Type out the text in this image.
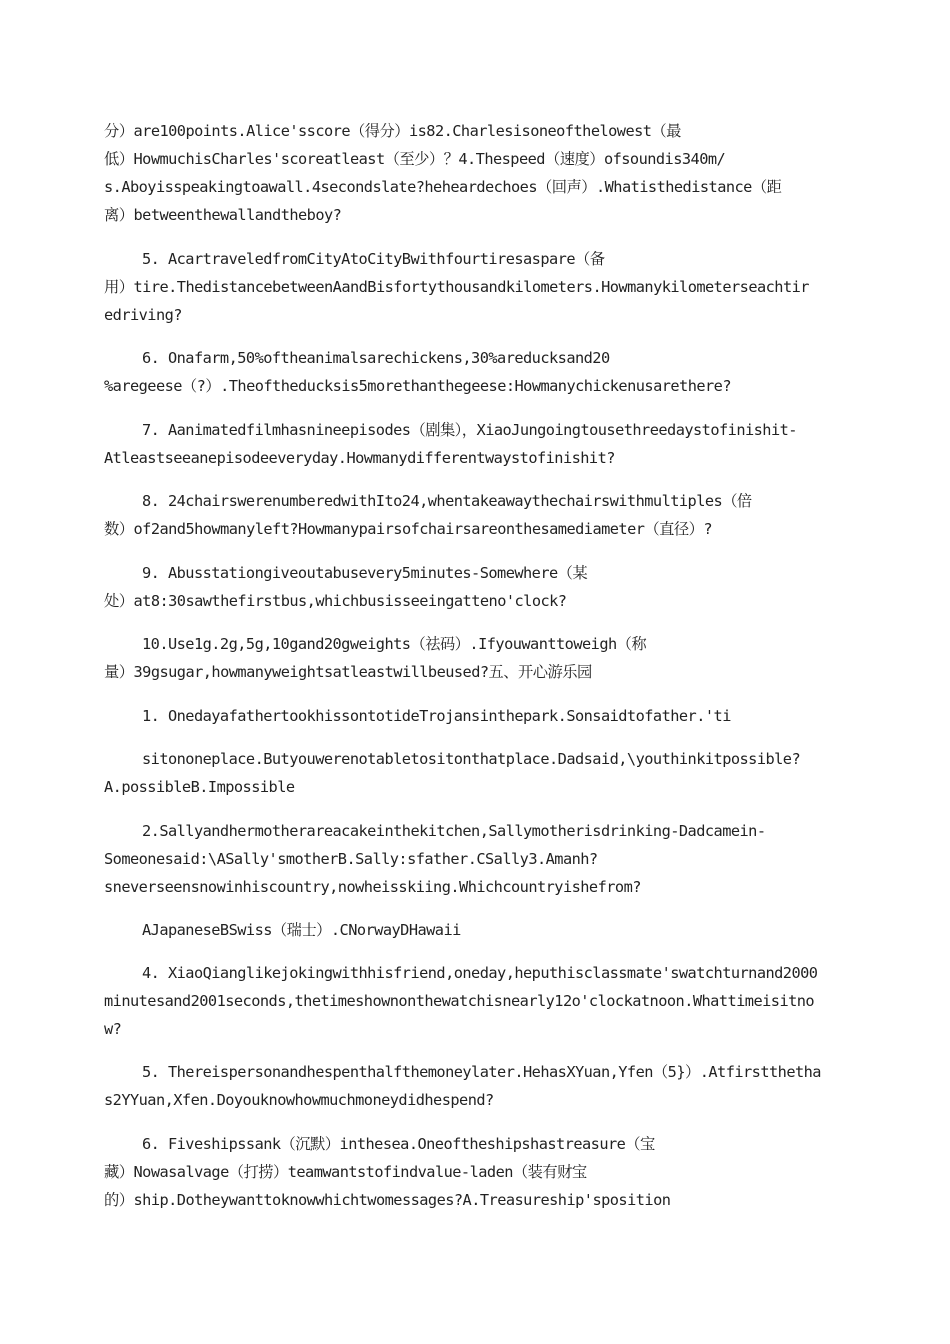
分）are100points.Alice'sscore（得分）is82.Charlesisoneofthelowest（最
低）HowmuchisCharles'scoreatleast（至少）？4.Thespeed（速度）ofsoundis340m/
s.Aboyisspeakingtoawall.4secondslate?heheardechoes（回声）.Whatisthedistance（距
离）betweenthewallandtheboy?
5. AcartraveledfromCityAtoCityBwithfourtiresaspare（备
用）tire.ThedistancebetweenAandBisfortythousandkilometers.Howmanykilometerseachtir
edriving?
6. Onafarm,50%oftheanimalsarechickens,30%areducksand20
%aregeese（?）.Theoftheducksis5morethanthegeese:Howmanychickenusarethere?
7. Aanimatedfilmhasnineepisodes（剧集），XiaoJungoingtousethreedaystofinishit-
Atleastseeanepisodeeveryday.Howmanydifferentwaystofinishit?
8. 24chairswerenumberedwithIto24,whentakeawaythechairswithmultiples（倍
数）of2and5howmanyleft?Howmanypairsofchairsareonthesamediameter（直径）?
9. Abusstationgiveoutabusevery5minutes-Somewhere（某
处）at8:30sawthefirstbus,whichbusisseeingatteno'clock?
10.Use1g.2g,5g,10gand20gweights（祛码）.Ifyouwanttoweigh（称
量）39gsugar,howmanyweightsatleastwillbeused?五、开心游乐园
1. OnedayafathertookhissontotideTrojansinthepark.Sonsaidtofather.'ti
sitononeplace.Butyouwerenotabletositonthatplace.Dadsaid,\youthinkitpossible?
A.possibleB.Impossible
2.Sallyandhermotherareacakeinthekitchen,Sallymotherisdrinking-Dadcamein-
Someonesaid:\ASally'smotherB.Sally:sfather.CSally3.Amanh?
sneverseensnowinhiscountry,nowheisskiing.Whichcountryishefrom?
AJapaneseBSwiss（瑞士）.CNorwayDHawaii
4. XiaoQianglikejokingwithhisfriend,oneday,heputhisclassmate'swatchturnand2000
minutesand2001seconds,thetimeshownonthewatchisnearly12o'clockatnoon.Whattimeisitno
w?
5. Thereispersonandhespenthalfthemoneylater.HehasXYuan,Yfen（5}）.Atfirstthetha
s2YYuan,Xfen.Doyouknowhowmuchmoneydidhespend?
6. Fiveshipssank（沉默）inthesea.Oneoftheshipshastreasure（宝
藏）Nowasalvage（打捞）teamwantstofindvalue-laden（装有财宝
的）ship.Dotheywanttoknowwhichtwomessages?A.Treasureship'sposition
